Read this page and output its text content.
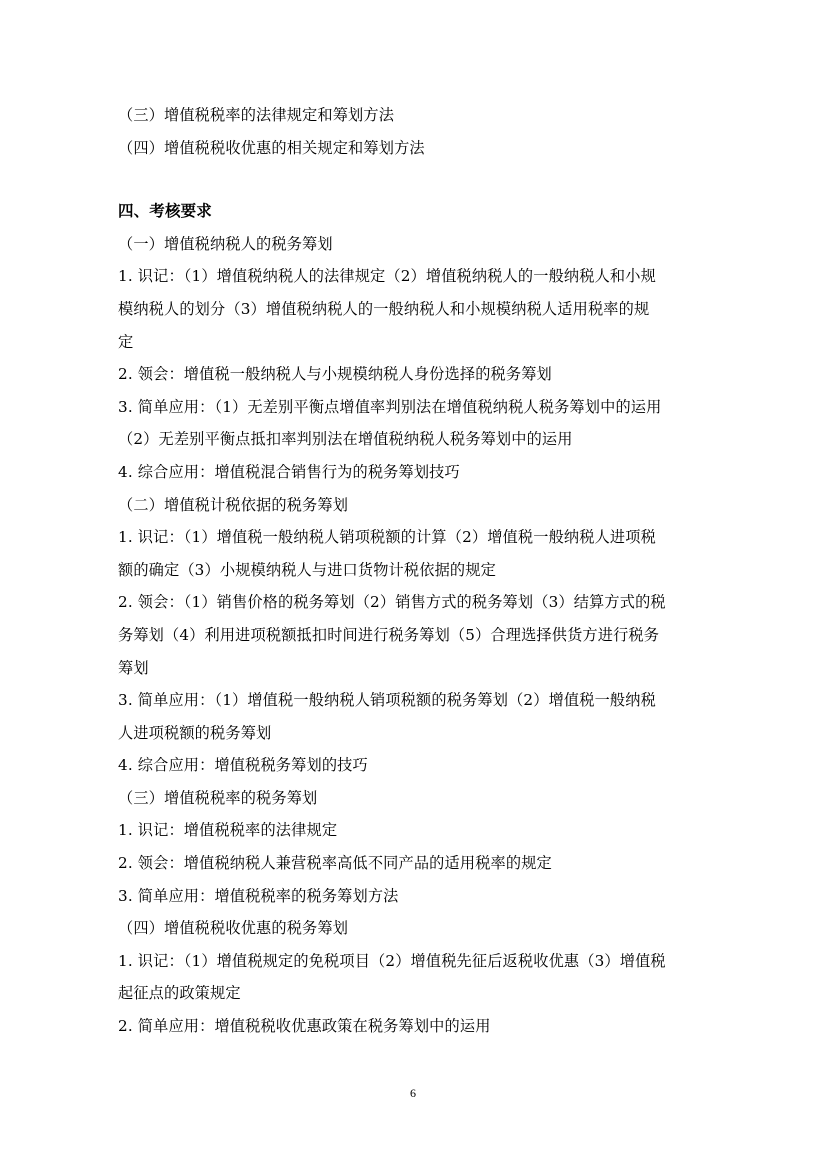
（三）增值税税率的法律规定和筹划方法
（四）增值税税收优惠的相关规定和筹划方法
四、考核要求
（一）增值税纳税人的税务筹划
1. 识记：（1）增值税纳税人的法律规定（2）增值税纳税人的一般纳税人和小规
模纳税人的划分（3）增值税纳税人的一般纳税人和小规模纳税人适用税率的规
定
2. 领会：增值税一般纳税人与小规模纳税人身份选择的税务筹划
3. 简单应用：（1）无差别平衡点增值率判别法在增值税纳税人税务筹划中的运用
（2）无差别平衡点抵扣率判别法在增值税纳税人税务筹划中的运用
4. 综合应用：增值税混合销售行为的税务筹划技巧
（二）增值税计税依据的税务筹划
1. 识记：（1）增值税一般纳税人销项税额的计算（2）增值税一般纳税人进项税
额的确定（3）小规模纳税人与进口货物计税依据的规定
2. 领会：（1）销售价格的税务筹划（2）销售方式的税务筹划（3）结算方式的税
务筹划（4）利用进项税额抵扣时间进行税务筹划（5）合理选择供货方进行税务
筹划
3. 简单应用：（1）增值税一般纳税人销项税额的税务筹划（2）增值税一般纳税
人进项税额的税务筹划
4. 综合应用：增值税税务筹划的技巧
（三）增值税税率的税务筹划
1. 识记：增值税税率的法律规定
2. 领会：增值税纳税人兼营税率高低不同产品的适用税率的规定
3. 简单应用：增值税税率的税务筹划方法
（四）增值税税收优惠的税务筹划
1. 识记：（1）增值税规定的免税项目（2）增值税先征后返税收优惠（3）增值税
起征点的政策规定
2. 简单应用：增值税税收优惠政策在税务筹划中的运用
6
